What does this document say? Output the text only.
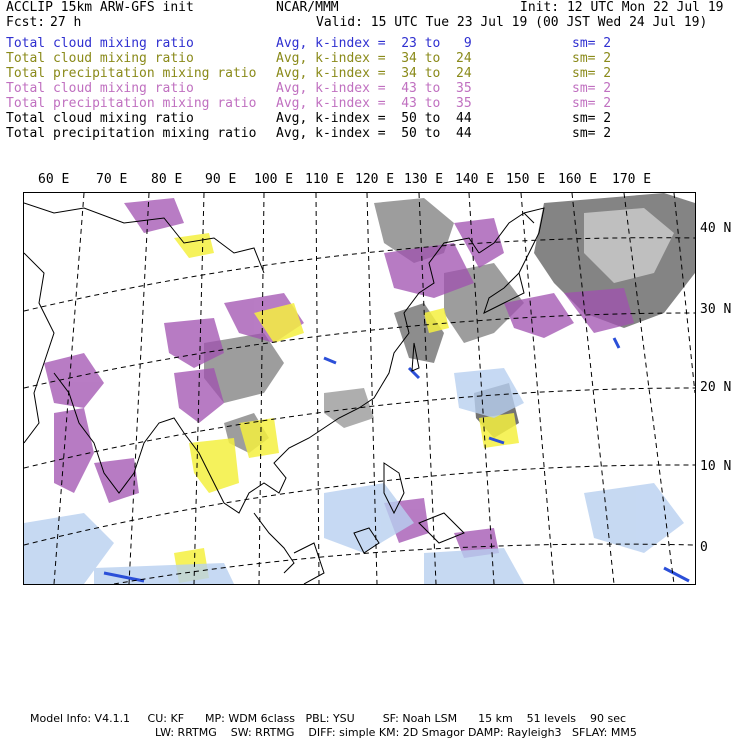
ACCLIP 15km ARW-GFS init	NCAR/MMM	Init: 12 UTC Mon 22 Jul 19
Fcst: 27 h	Valid: 15 UTC Tue 23 Jul 19 (00 JST Wed 24 Jul 19)
Total cloud mixing ratio	Avg, k-index =  23 to   9	sm= 2
Total cloud mixing ratio	Avg, k-index =  34 to  24	sm= 2
Total precipitation mixing ratio Avg, k-index =  34 to  24	sm= 2
Total cloud mixing ratio	Avg, k-index =  43 to  35	sm= 2
Total precipitation mixing ratio Avg, k-index =  43 to  35	sm= 2
Total cloud mixing ratio	Avg, k-index =  50 to  44	sm= 2
Total precipitation mixing ratio Avg, k-index =  50 to  44	sm= 2
60 E 70 E 80 E 90 E 100 E 110 E 120 E 130 E 140 E 150 E 160 E 170 E
40 N
30 N
20 N
10 N
0
Model Info: V4.1.1     CU: KF      MP: WDM 6class   PBL: YSU        SF: Noah LSM      15 km    51 levels    90 sec
LW: RRTMG    SW: RRTMG    DIFF: simple KM: 2D Smagor DAMP: Rayleigh3   SFLAY: MM5
